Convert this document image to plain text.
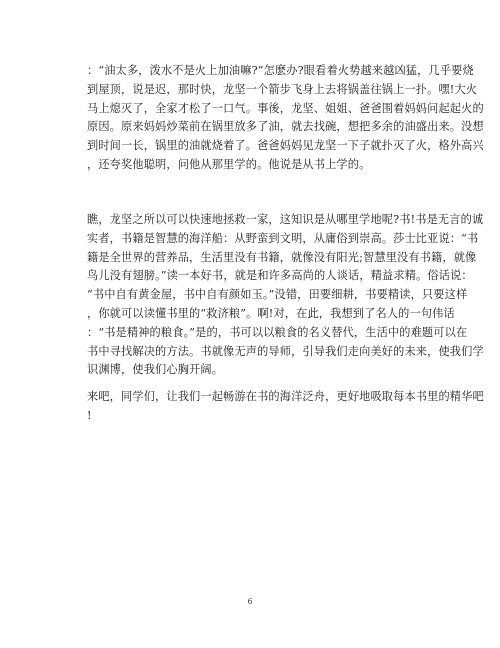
：“油太多，泼水不是火上加油嘛?”怎麽办?眼看着火势越来越凶猛，几乎要烧
到屋顶，说是迟，那时快，龙坚一个箭步飞身上去将锅盖往锅上一扑。嘿!大火
马上熄灭了，全家才松了一口气。事後，龙坚、姐姐、爸爸围着妈妈问起起火的
原因。原来妈妈炒菜前在锅里放多了油，就去找碗，想把多余的油盛出来。没想
到时间一长，锅里的油就烧着了。爸爸妈妈见龙坚一下子就扑灭了火，格外高兴
，还夸奖他聪明，问他从那里学的。他说是从书上学的。
瞧，龙坚之所以可以快速地拯救一家，这知识是从哪里学地呢?书!书是无言的诚
实者，书籍是智慧的海洋船：从野蛮到文明，从庸俗到崇高。莎士比亚说：“书
籍是全世界的营养品，生活里没有书籍，就像没有阳光;智慧里没有书籍，就像
鸟儿没有翅膀。”读一本好书，就是和许多高尚的人谈话，精益求精。俗话说：
“书中自有黄金屋，书中自有颜如玉。”没错，田要细耕，书要精读，只要这样
，你就可以读懂书里的“救济粮”。啊!对，在此，我想到了名人的一句伟话
：“书是精神的粮食。”是的，书可以以粮食的名义替代，生活中的难题可以在
书中寻找解决的方法。书就像无声的导师，引导我们走向美好的未来，使我们学
识渊博，使我们心胸开阔。
来吧，同学们，让我们一起畅游在书的海洋泛舟，更好地吸取每本书里的精华吧
!
6
